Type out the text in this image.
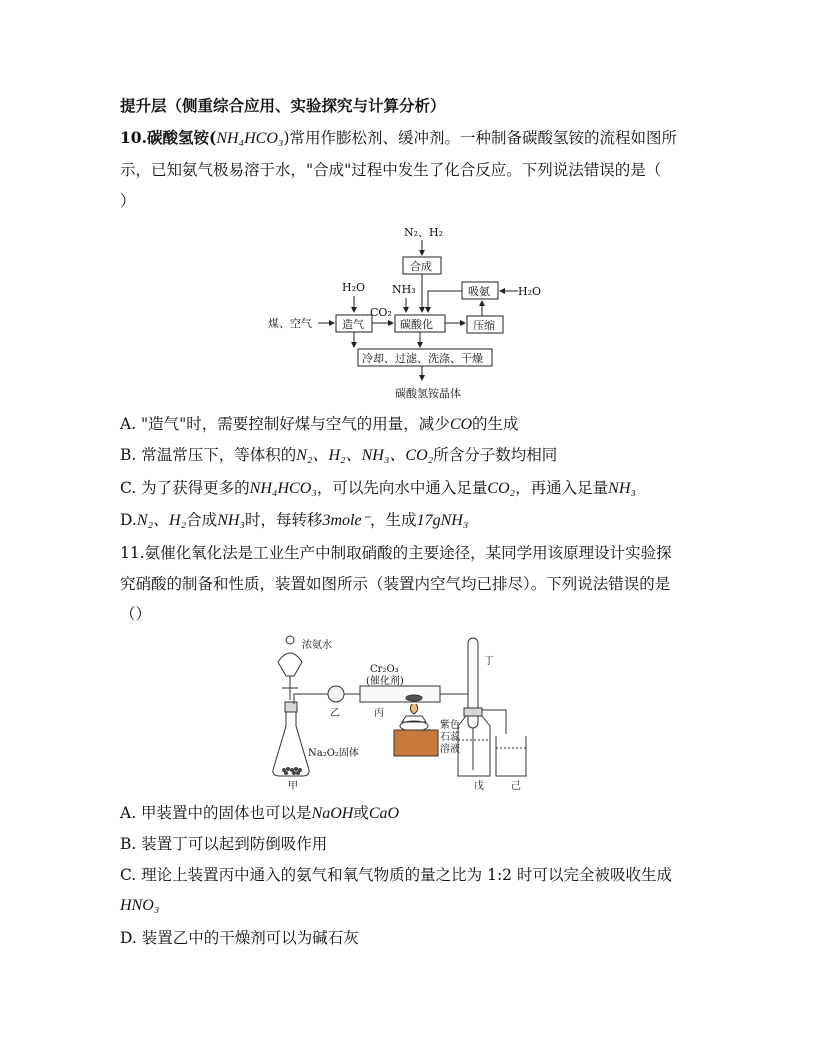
提升层（侧重综合应用、实验探究与计算分析）
10.碳酸氢铵(NH₄HCO₃)常用作膨松剂、缓冲剂。一种制备碳酸氢铵的流程如图所
示，已知氨气极易溶于水，"合成"过程中发生了化合反应。下列说法错误的是（
）
N₂、H₂
合成
NH₃	吸氨	H₂O
H₂O
煤、空气	造气
CO₂
碳酸化	压缩
冷却、过滤、洗涤、干燥
碳酸氢铵晶体
A. "造气"时，需要控制好煤与空气的用量，减少CO的生成
B. 常温常压下，等体积的N₂、H₂、NH₃、CO₂所含分子数均相同
C. 为了获得更多的NH₄HCO₃，可以先向水中通入足量CO₂，再通入足量NH₃
D.N₂、H₂合成NH₃时，每转移3mole⁻，生成17gNH₃
11.氨催化氧化法是工业生产中制取硝酸的主要途径，某同学用该原理设计实验探
究硝酸的制备和性质，装置如图所示（装置内空气均已排尽）。下列说法错误的是
（）
浓氨水
Cr₂O₃
(催化剂)
丁
乙	丙
紫色
石蕊
溶液
Na₂O₂固体
甲	戊	己
A. 甲装置中的固体也可以是NaOH或CaO
B. 装置丁可以起到防倒吸作用
C. 理论上装置丙中通入的氨气和氧气物质的量之比为 1:2 时可以完全被吸收生成
HNO₃
D. 装置乙中的干燥剂可以为碱石灰
